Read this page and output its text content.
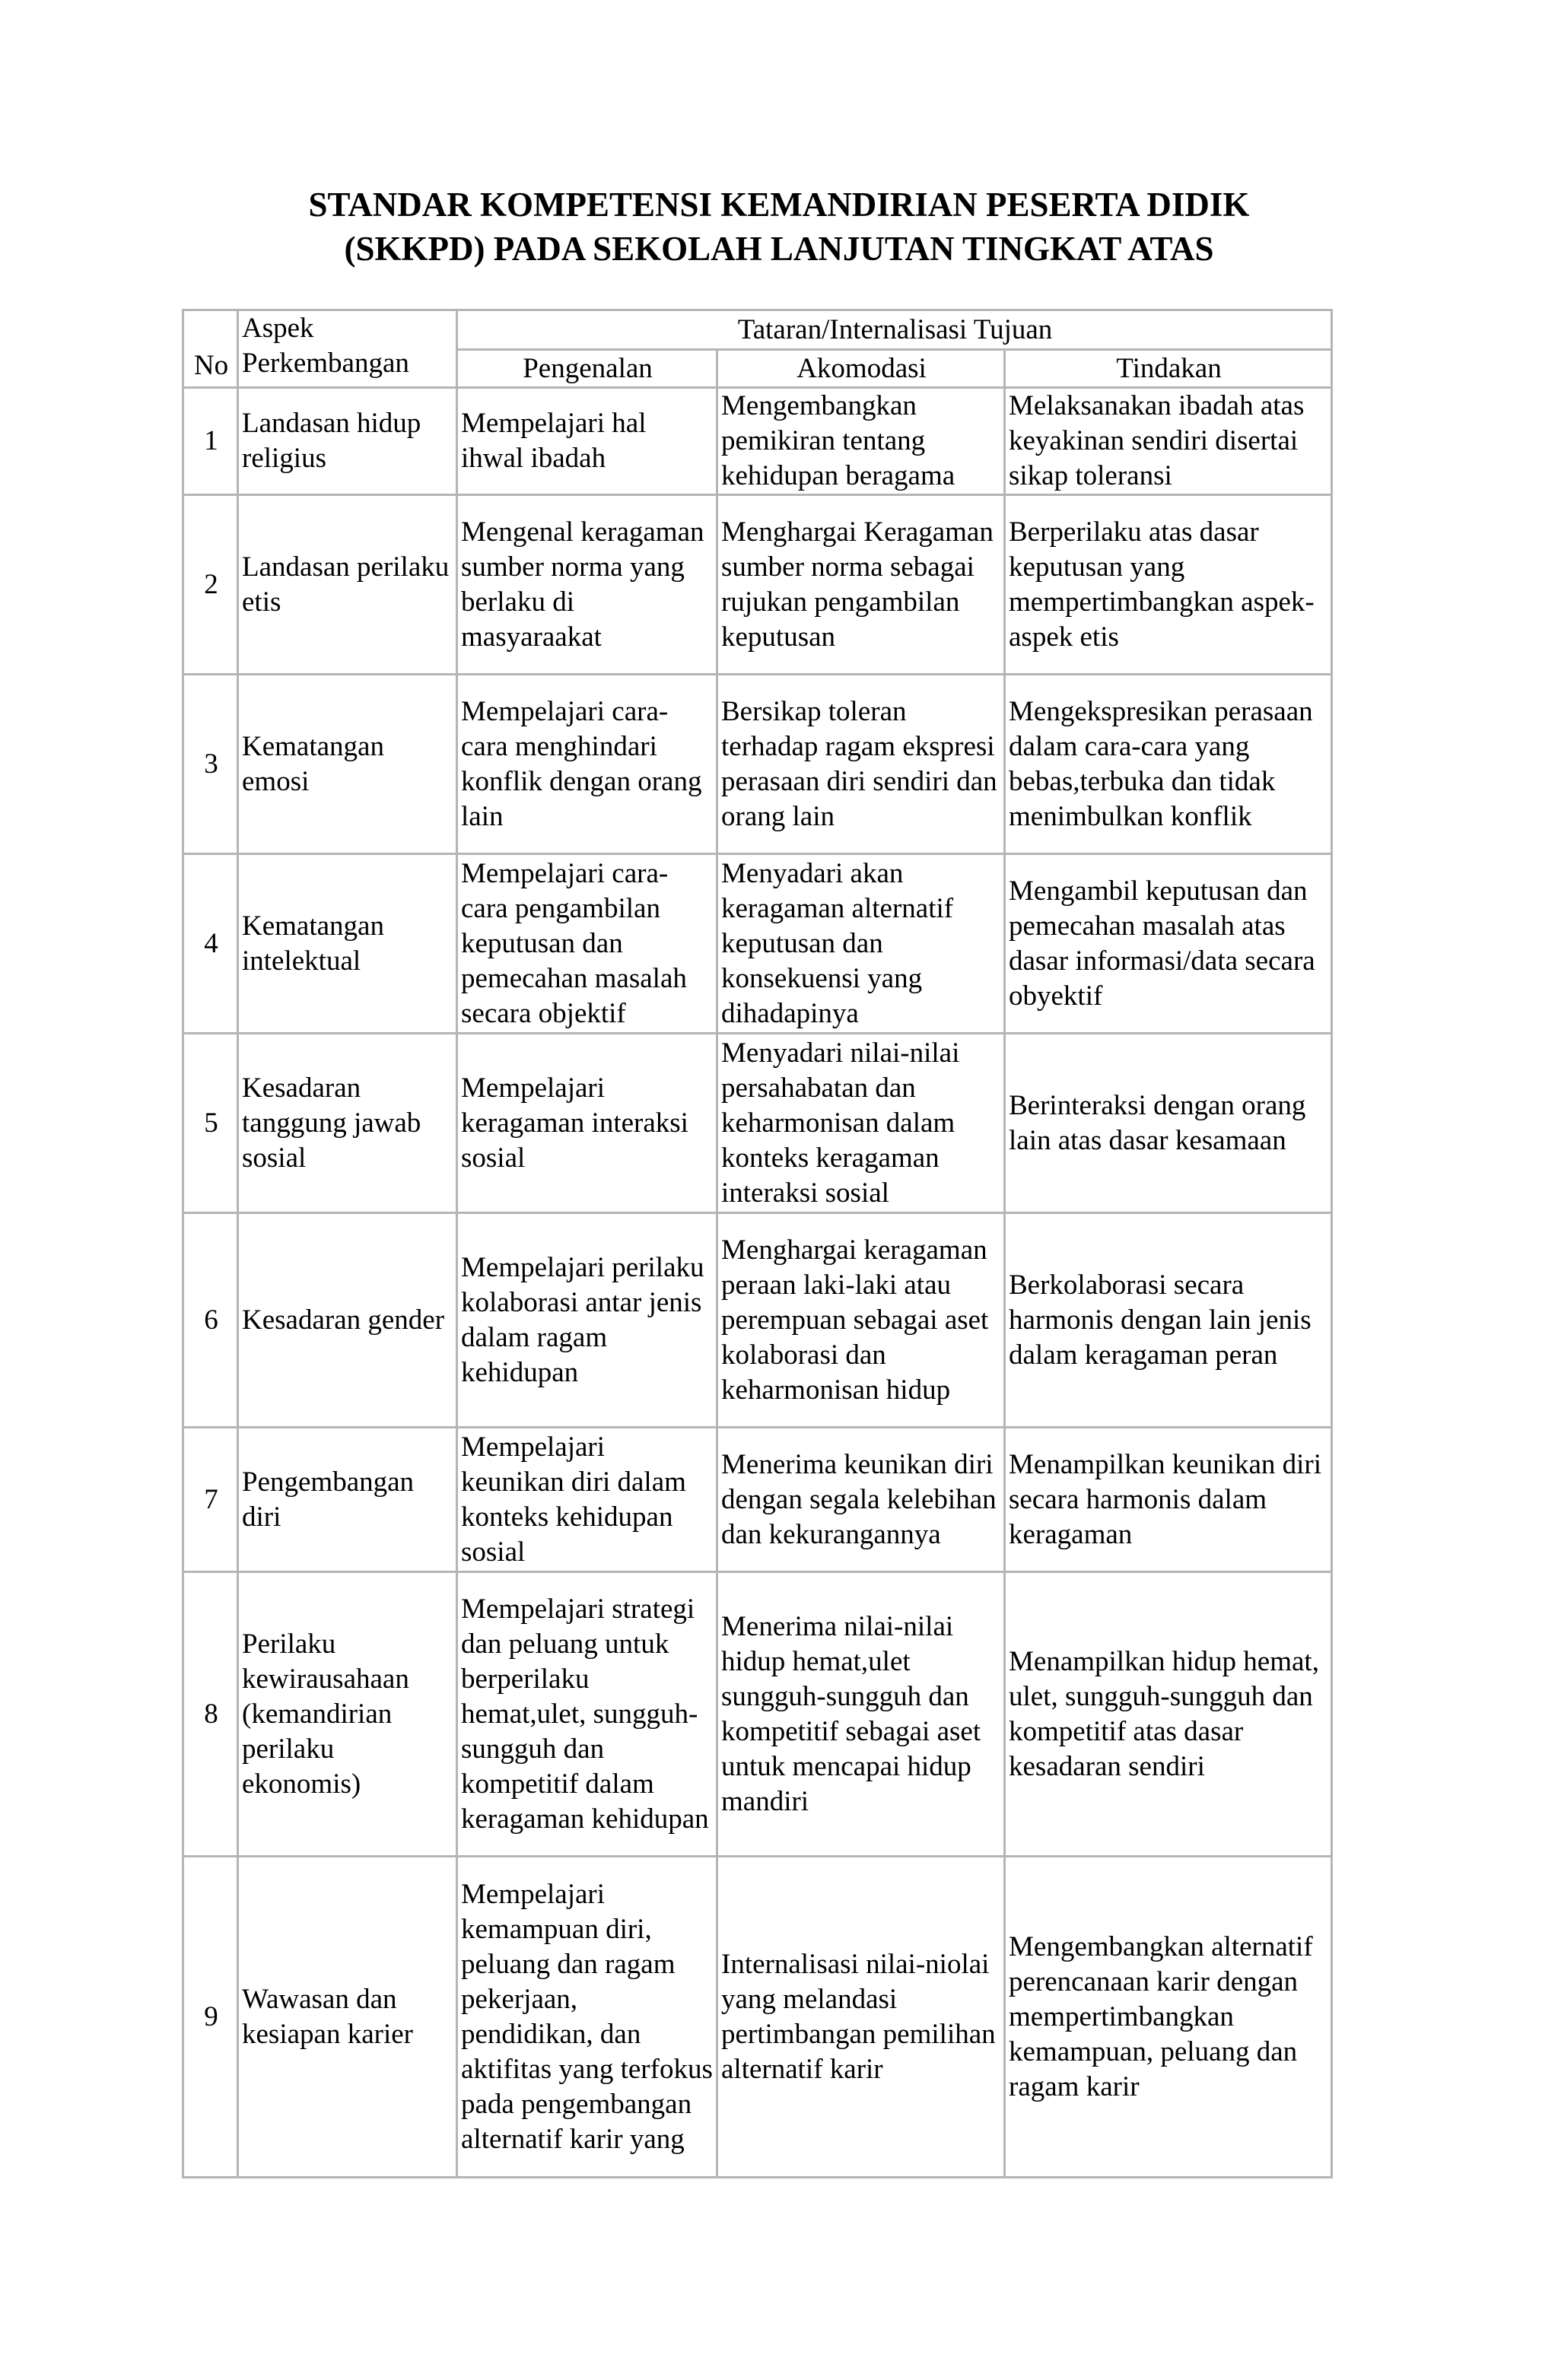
STANDAR KOMPETENSI KEMANDIRIAN PESERTA DIDIK
(SKKPD) PADA SEKOLAH LANJUTAN TINGKAT ATAS
No	Aspek Perkembangan	Tataran/Internalisasi Tujuan		
		Pengenalan	Akomodasi	Tindakan
1	Landasan hidup religius	Mempelajari hal ihwal ibadah	Mengembangkan pemikiran tentang kehidupan beragama	Melaksanakan ibadah atas keyakinan sendiri disertai sikap toleransi
2	Landasan perilaku etis	Mengenal keragaman sumber norma yang berlaku di masyaraakat	Menghargai Keragaman sumber norma sebagai rujukan pengambilan keputusan	Berperilaku atas dasar keputusan yang mempertimbangkan aspek-aspek etis
3	Kematangan emosi	Mempelajari cara-cara menghindari konflik dengan orang lain	Bersikap toleran terhadap ragam ekspresi perasaan diri sendiri dan orang lain	Mengekspresikan perasaan dalam cara-cara yang bebas,terbuka dan tidak menimbulkan konflik
4	Kematangan intelektual	Mempelajari cara-cara pengambilan keputusan dan pemecahan masalah secara objektif	Menyadari akan keragaman alternatif keputusan dan konsekuensi yang dihadapinya	Mengambil keputusan dan pemecahan masalah atas dasar informasi/data secara obyektif
5	Kesadaran tanggung jawab sosial	Mempelajari keragaman interaksi sosial	Menyadari nilai-nilai persahabatan dan keharmonisan dalam konteks keragaman interaksi sosial	Berinteraksi dengan orang lain atas dasar kesamaan
6	Kesadaran gender	Mempelajari perilaku kolaborasi antar jenis dalam ragam kehidupan	Menghargai keragaman peraan laki-laki atau perempuan sebagai aset kolaborasi dan keharmonisan hidup	Berkolaborasi secara harmonis dengan lain jenis dalam keragaman peran
7	Pengembangan diri	Mempelajari keunikan diri dalam konteks kehidupan sosial	Menerima keunikan diri dengan segala kelebihan dan kekurangannya	Menampilkan keunikan diri secara harmonis dalam keragaman
8	Perilaku kewirausahaan (kemandirian perilaku ekonomis)	Mempelajari strategi dan peluang untuk berperilaku hemat,ulet, sungguh-sungguh dan kompetitif dalam keragaman kehidupan	Menerima nilai-nilai hidup hemat,ulet sungguh-sungguh dan kompetitif sebagai aset untuk mencapai hidup mandiri	Menampilkan hidup hemat, ulet, sungguh-sungguh dan kompetitif atas dasar kesadaran sendiri
9	Wawasan dan kesiapan karier	Mempelajari kemampuan diri, peluang dan ragam pekerjaan, pendidikan, dan aktifitas yang terfokus pada pengembangan alternatif karir yang	Internalisasi nilai-niolai yang melandasi pertimbangan pemilihan alternatif karir	Mengembangkan alternatif perencanaan karir dengan mempertimbangkan kemampuan, peluang dan ragam karir
